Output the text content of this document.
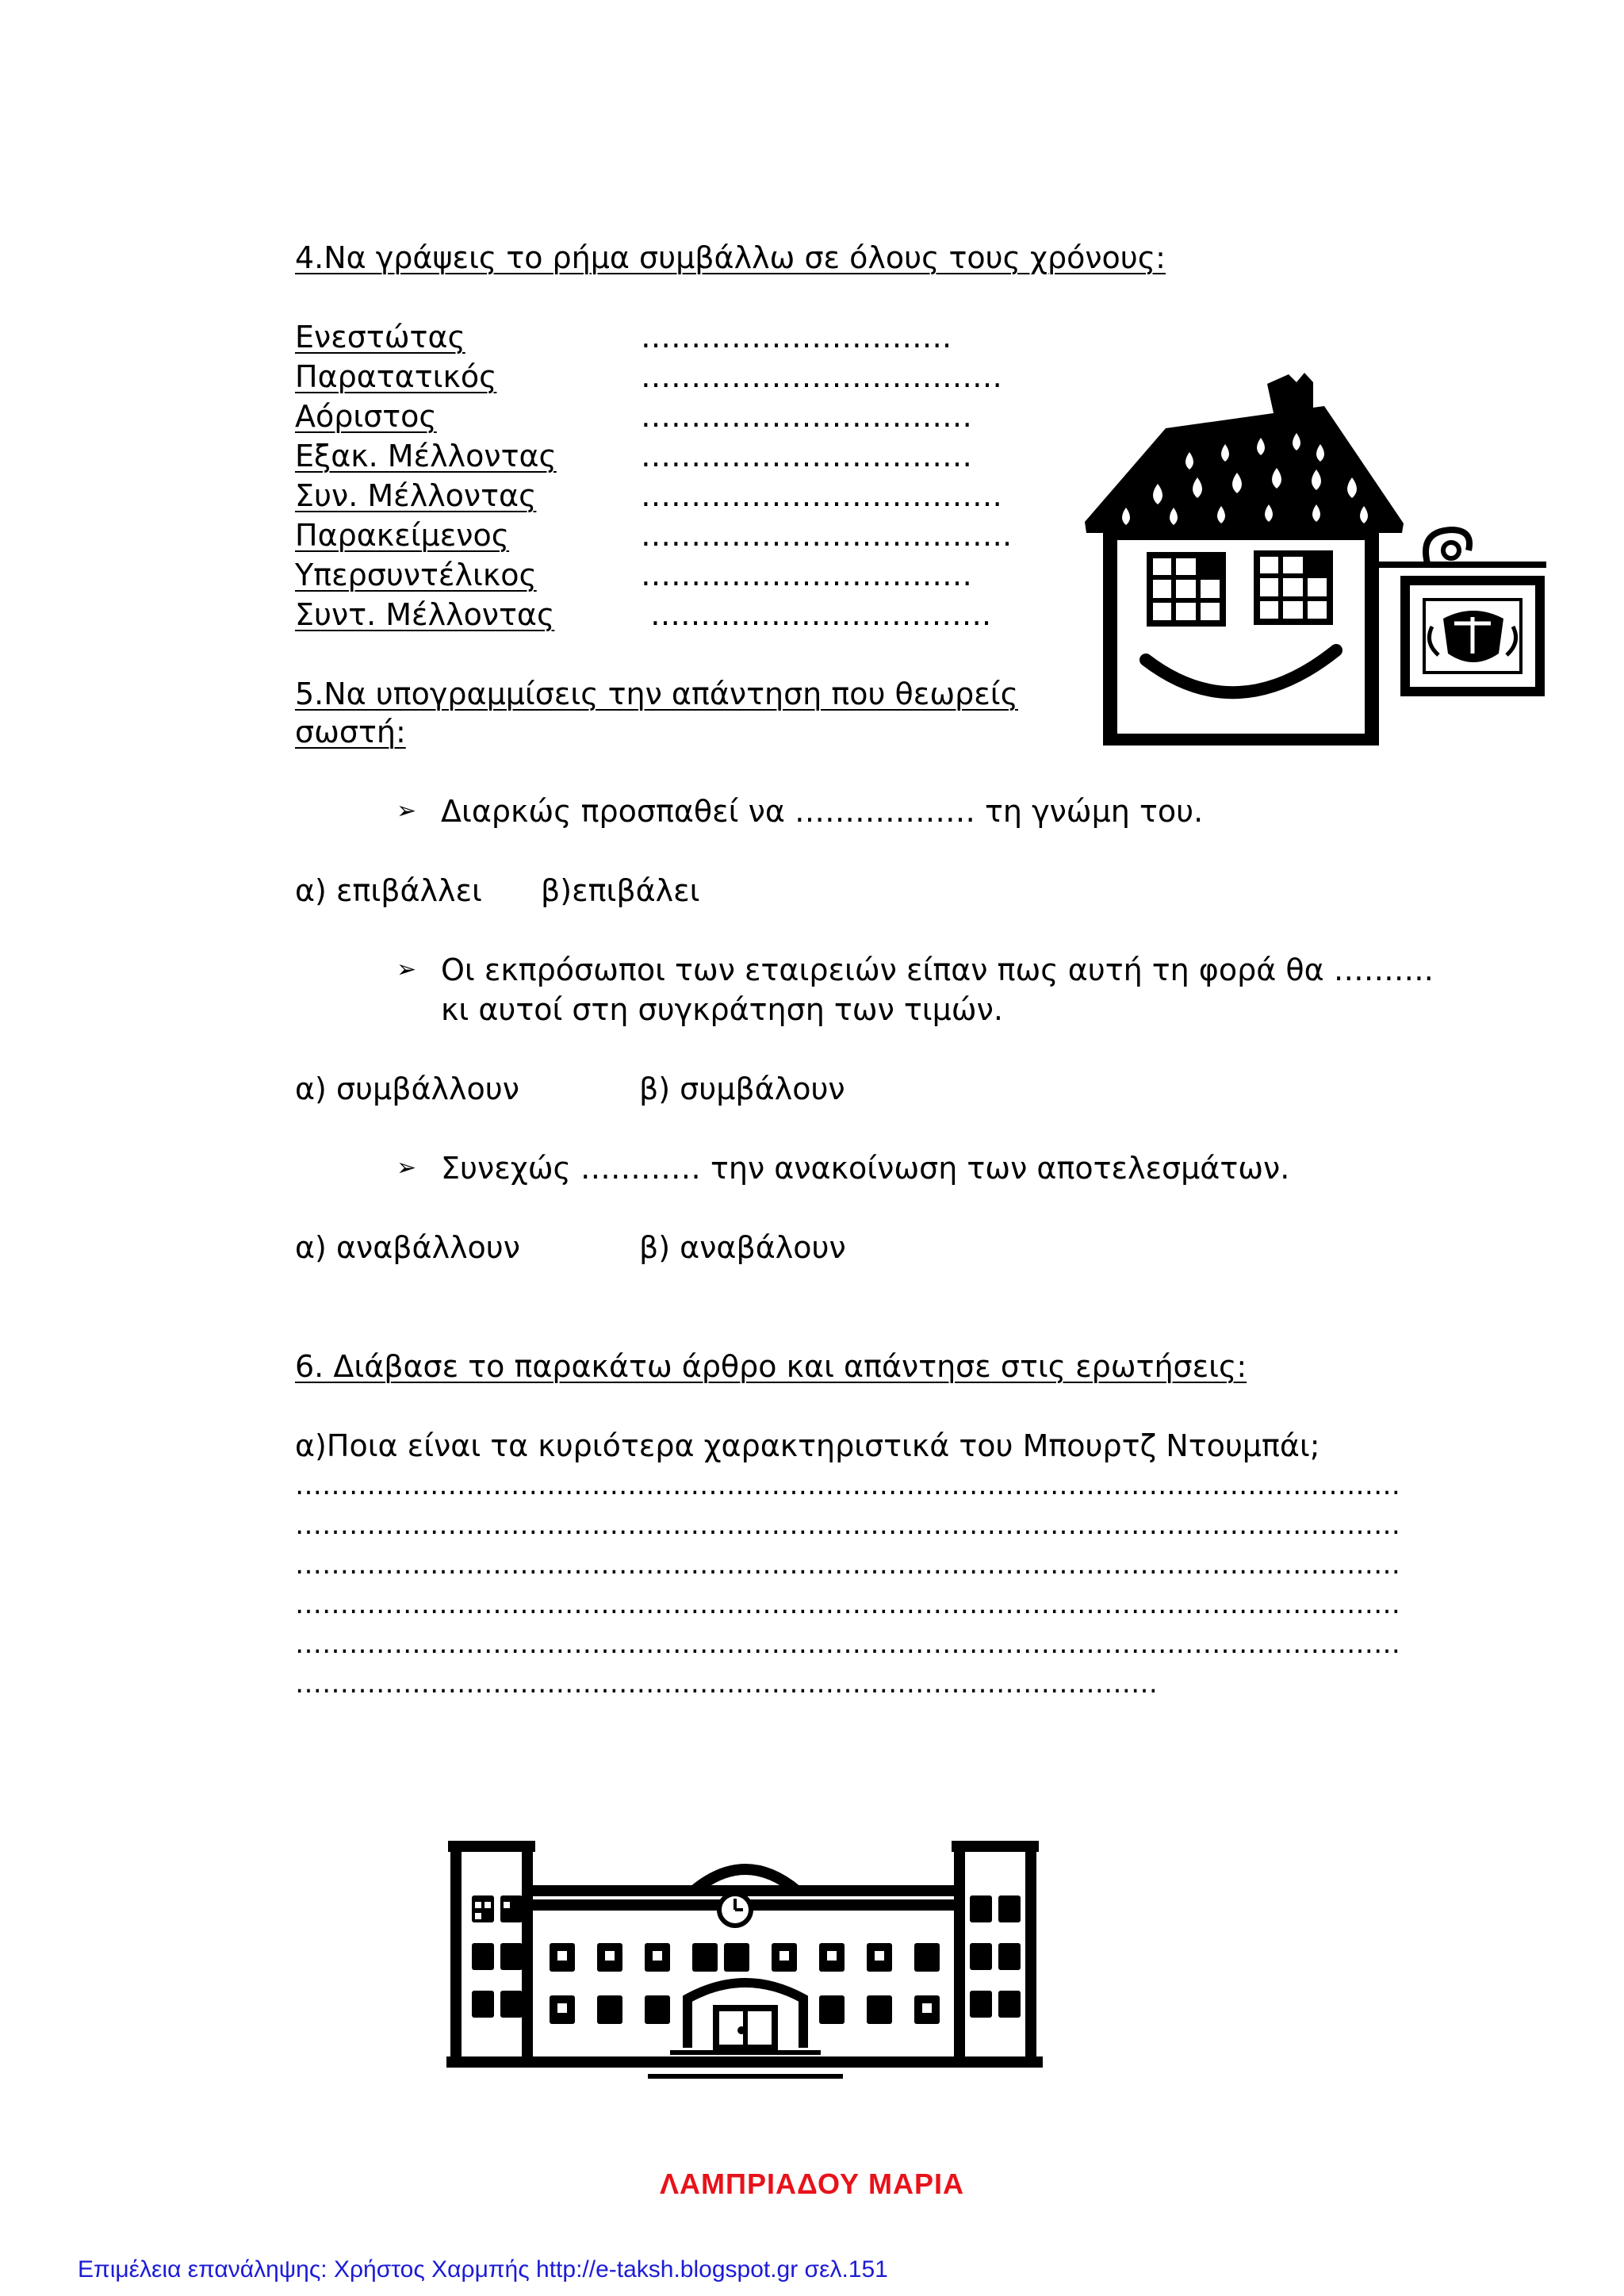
4.Να γράψεις το ρήμα συμβάλλω σε όλους τους χρόνους:
Ενεστώτας	………………………….
Παρατατικός	………………………………
Αόριστος	……………………………
Εξακ. Μέλλοντας	……………………………
Συν. Μέλλοντας	………………………………
Παρακείμενος	……………………………….
Υπερσυντέλικος	……………………………
Συντ. Μέλλοντας	…………………………….
5.Να υπογραμμίσεις την απάντηση που θεωρείς
σωστή:
➢ Διαρκώς προσπαθεί να ……………… τη γνώμη του.
α) επιβάλλει β)επιβάλει
➢ Οι εκπρόσωποι των εταιρειών είπαν πως αυτή τη φορά θα ……….
κι αυτοί στη συγκράτηση των τιμών.
α) συμβάλλουν	β) συμβάλουν
➢ Συνεχώς ………… την ανακοίνωση των αποτελεσμάτων.
α) αναβάλλουν	β) αναβάλουν
6. Διάβασε το παρακάτω άρθρο και απάντησε στις ερωτήσεις:
α)Ποια είναι τα κυριότερα χαρακτηριστικά του Μπουρτζ Ντουμπάι;
……………………………………………………………………………………………………………
……………………………………………………………………………………………………………
……………………………………………………………………………………………………………
……………………………………………………………………………………………………………
……………………………………………………………………………………………………………
……………………………………………………………………………………
ΛΑΜΠΡΙΑΔΟΥ ΜΑΡΙΑ
Επιμέλεια επανάληψης: Χρήστος Χαρμπής http://e-taksh.blogspot.gr σελ.151
